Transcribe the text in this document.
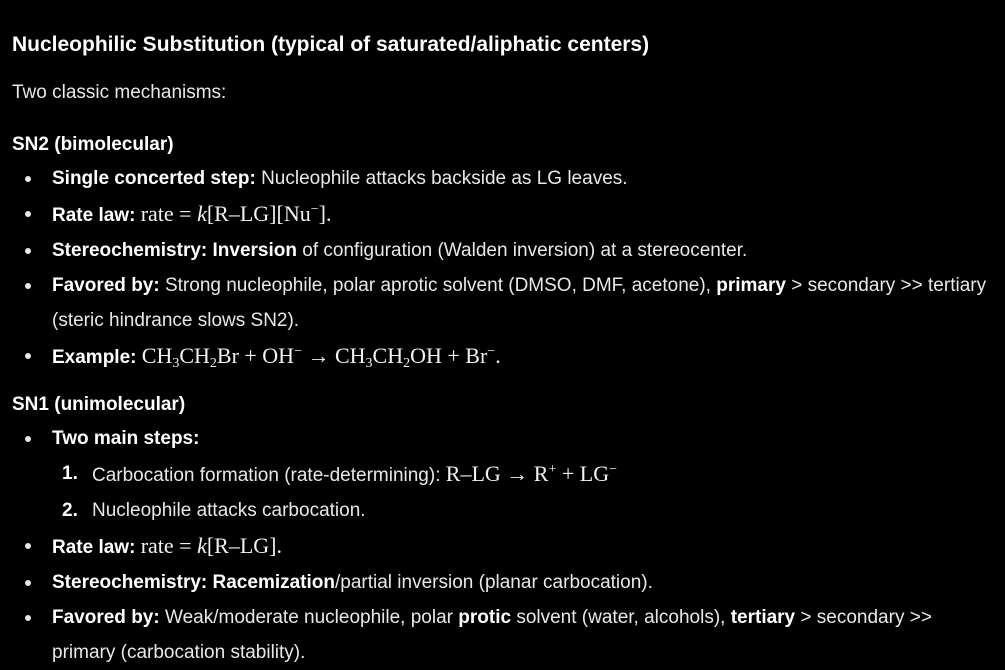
Nucleophilic Substitution (typical of saturated/aliphatic centers)
Two classic mechanisms:
SN2 (bimolecular)
Single concerted step: Nucleophile attacks backside as LG leaves.
Rate law: rate = k[R–LG][Nu−].
Stereochemistry: Inversion of configuration (Walden inversion) at a stereocenter.
Favored by: Strong nucleophile, polar aprotic solvent (DMSO, DMF, acetone), primary > secondary >> tertiary (steric hindrance slows SN2).
Example: $CH_3CH_2Br + OH^- \to CH_3CH_2OH + Br^-$.
SN1 (unimolecular)
Two main steps:
1. Carbocation formation (rate-determining): R–LG → R+ + LG−
2. Nucleophile attacks carbocation.
Rate law: rate = k[R–LG].
Stereochemistry: Racemization/partial inversion (planar carbocation).
Favored by: Weak/moderate nucleophile, polar protic solvent (water, alcohols), tertiary > secondary >> primary (carbocation stability).
